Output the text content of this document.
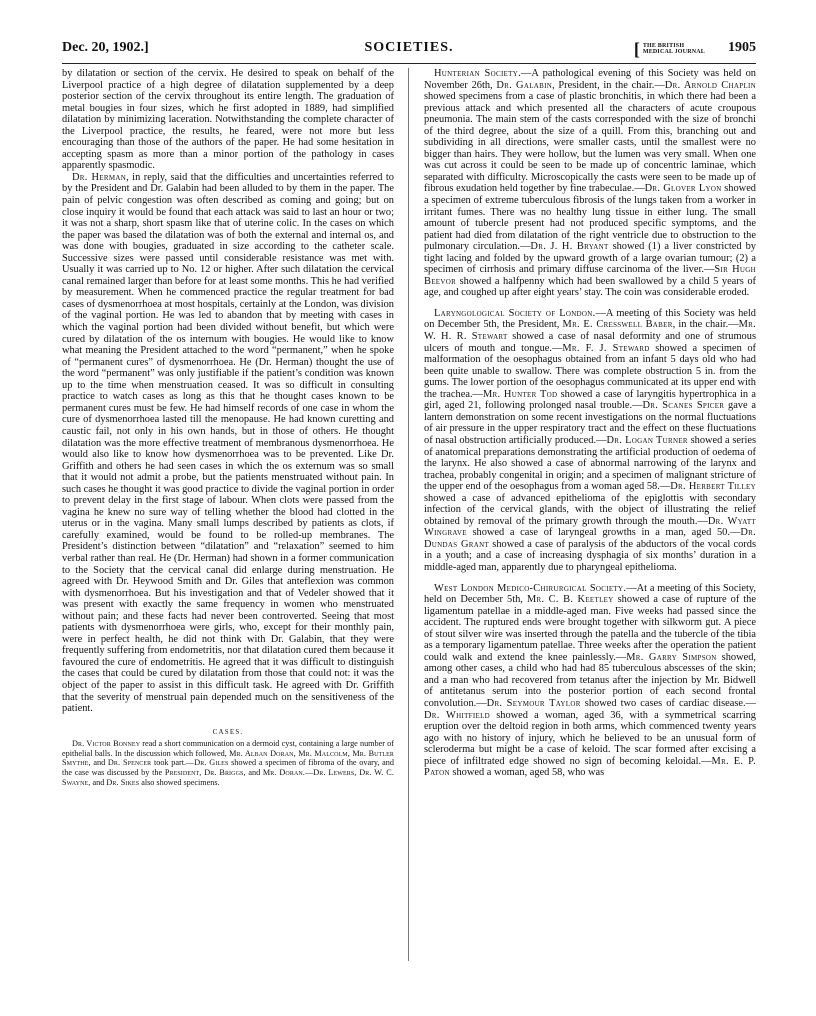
Dec. 20, 1902.]	SOCIETIES.	[ THE BRITISH
MEDICAL JOURNAL 1905

by dilatation or section of the cervix. He desired to speak on behalf of the Liverpool practice of a high degree of dilatation supplemented by a deep posterior section of the cervix throughout its entire length. The graduation of metal bougies in four sizes, which he first adopted in 1889, had simplified dilatation by minimizing laceration. Notwithstanding the complete character of the Liverpool practice, the results, he feared, were not more but less encouraging than those of the authors of the paper. He had some hesitation in accepting spasm as more than a minor portion of the pathology in cases apparently spasmodic.

Dr. Herman, in reply, said that the difficulties and uncertainties referred to by the President and Dr. Galabin had been alluded to by them in the paper. The pain of pelvic congestion was often described as coming and going; but on close inquiry it would be found that each attack was said to last an hour or two; it was not a sharp, short spasm like that of uterine colic. In the cases on which the paper was based the dilatation was of both the external and internal os, and was done with bougies, graduated in size according to the catheter scale. Successive sizes were passed until considerable resistance was met with. Usually it was carried up to No. 12 or higher. After such dilatation the cervical canal remained larger than before for at least some months. This he had verified by measurement. When he commenced practice the regular treatment for bad cases of dysmenorrhoea at most hospitals, certainly at the London, was division of the vaginal portion. He was led to abandon that by meeting with cases in which the vaginal portion had been divided without benefit, but which were cured by dilatation of the os internum with bougies. He would like to know what meaning the President attached to the word “permanent,” when he spoke of “permanent cures” of dysmenorrhoea. He (Dr. Herman) thought the use of the word “permanent” was only justifiable if the patient’s condition was known up to the time when menstruation ceased. It was so difficult in consulting practice to watch cases as long as this that he thought cases known to be permanent cures must be few. He had himself records of one case in whom the cure of dysmenorrhoea lasted till the menopause. He had known curetting and caustic fail, not only in his own hands, but in those of others. He thought dilatation was the more effective treatment of membranous dysmenorrhoea. He would also like to know how dysmenorrhoea was to be prevented. Like Dr. Griffith and others he had seen cases in which the os externum was so small that it would not admit a probe, but the patients menstruated without pain. In such cases he thought it was good practice to divide the vaginal portion in order to prevent delay in the first stage of labour. When clots were passed from the vagina he knew no sure way of telling whether the blood had clotted in the uterus or in the vagina. Many small lumps described by patients as clots, if carefully examined, would be found to be rolled-up membranes. The President’s distinction between “dilatation” and “relaxation” seemed to him verbal rather than real. He (Dr. Herman) had shown in a former communication to the Society that the cervical canal did enlarge during menstruation. He agreed with Dr. Heywood Smith and Dr. Giles that anteflexion was common with dysmenorrhoea. But his investigation and that of Vedeler showed that it was present with exactly the same frequency in women who menstruated without pain; and these facts had never been controverted. Seeing that most patients with dysmenorrhoea were girls, who, except for their monthly pain, were in perfect health, he did not think with Dr. Galabin, that they were frequently suffering from endometritis, nor that dilatation cured them because it favoured the cure of endometritis. He agreed that it was difficult to distinguish the cases that could be cured by dilatation from those that could not: it was the object of the paper to assist in this difficult task. He agreed with Dr. Griffith that the severity of menstrual pain depended much on the sensitiveness of the patient.

CASES.

Dr. Victor Bonney read a short communication on a dermoid cyst, containing a large number of epithelial balls. In the discussion which followed, Mr. Alban Doran, Mr. Malcolm, Mr. Butler Smythe, and Dr. Spencer took part.—Dr. Giles showed a specimen of fibroma of the ovary, and the case was discussed by the President, Dr. Briggs, and Mr. Doran.—Dr. Lewers, Dr. W. C. Swayne, and Dr. Sikes also showed specimens.

Hunterian Society.—A pathological evening of this Society was held on November 26th, Dr. Galabin, President, in the chair.—Dr. Arnold Chaplin showed specimens from a case of plastic bronchitis, in which there had been a previous attack and which presented all the characters of acute croupous pneumonia. The main stem of the casts corresponded with the size of bronchi of the third degree, about the size of a quill. From this, branching out and subdividing in all directions, were smaller casts, until the smallest were no bigger than hairs. They were hollow, but the lumen was very small. When one was cut across it could be seen to be made up of concentric laminae, which separated with difficulty. Microscopically the casts were seen to be made up of fibrous exudation held together by fine trabeculae.—Dr. Glover Lyon showed a specimen of extreme tuberculous fibrosis of the lungs taken from a worker in irritant fumes. There was no healthy lung tissue in either lung. The small amount of tubercle present had not produced specific symptoms, and the patient had died from dilatation of the right ventricle due to obstruction to the pulmonary circulation.—Dr. J. H. Bryant showed (1) a liver constricted by tight lacing and folded by the upward growth of a large ovarian tumour; (2) a specimen of cirrhosis and primary diffuse carcinoma of the liver.—Sir Hugh Beevor showed a halfpenny which had been swallowed by a child 5 years of age, and coughed up after eight years’ stay. The coin was considerable eroded.

Laryngological Society of London.—A meeting of this Society was held on December 5th, the President, Mr. E. Cresswell Baber, in the chair.—Mr. W. H. R. Stewart showed a case of nasal deformity and one of strumous ulcers of mouth and tongue.—Mr. F. J. Steward showed a specimen of malformation of the oesophagus obtained from an infant 5 days old who had been quite unable to swallow. There was complete obstruction 5 in. from the gums. The lower portion of the oesophagus communicated at its upper end with the trachea.—Mr. Hunter Tod showed a case of laryngitis hypertrophica in a girl, aged 21, following prolonged nasal trouble.—Dr. Scanes Spicer gave a lantern demonstration on some recent investigations on the normal fluctuations of air pressure in the upper respiratory tract and the effect on these fluctuations of nasal obstruction artificially produced.—Dr. Logan Turner showed a series of anatomical preparations demonstrating the artificial production of oedema of the larynx. He also showed a case of abnormal narrowing of the larynx and trachea, probably congenital in origin; and a specimen of malignant stricture of the upper end of the oesophagus from a woman aged 58.—Dr. Herbert Tilley showed a case of advanced epithelioma of the epiglottis with secondary infection of the cervical glands, with the object of illustrating the relief obtained by removal of the primary growth through the mouth.—Dr. Wyatt Wingrave showed a case of laryngeal growths in a man, aged 50.—Dr. Dundas Grant showed a case of paralysis of the abductors of the vocal cords in a youth; and a case of increasing dysphagia of six months’ duration in a middle-aged man, apparently due to pharyngeal epithelioma.

West London Medico-Chirurgical Society.—At a meeting of this Society, held on December 5th, Mr. C. B. Keetley showed a case of rupture of the ligamentum patellae in a middle-aged man. Five weeks had passed since the accident. The ruptured ends were brought together with silkworm gut. A piece of stout silver wire was inserted through the patella and the tubercle of the tibia as a temporary ligamentum patellae. Three weeks after the operation the patient could walk and extend the knee painlessly.—Mr. Garry Simpson showed, among other cases, a child who had had 85 tuberculous abscesses of the skin; and a man who had recovered from tetanus after the injection by Mr. Bidwell of antitetanus serum into the posterior portion of each second frontal convolution.—Dr. Seymour Taylor showed two cases of cardiac disease.—Dr. Whitfield showed a woman, aged 36, with a symmetrical scarring eruption over the deltoid region in both arms, which commenced twenty years ago with no history of injury, which he believed to be an unusual form of scleroderma but might be a case of keloid. The scar formed after excising a piece of infiltrated edge showed no sign of becoming keloidal.—Mr. E. P. Paton showed a woman, aged 58, who was
